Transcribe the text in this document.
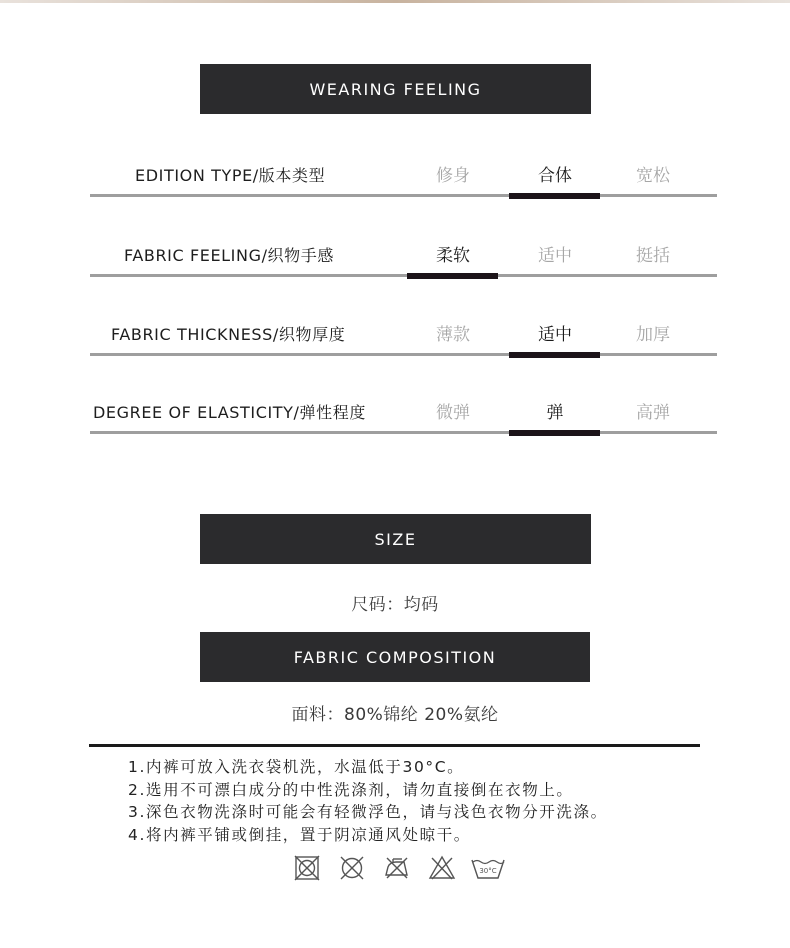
WEARING FEELING
EDITION TYPE/版本类型	修身	合体	宽松
FABRIC FEELING/织物手感	柔软	适中	挺括
FABRIC THICKNESS/织物厚度	薄款	适中	加厚
DEGREE OF ELASTICITY/弹性程度	微弹	弹	高弹
SIZE
尺码：均码
FABRIC COMPOSITION
面料：80%锦纶 20%氨纶
1.内裤可放入洗衣袋机洗，水温低于30°C。
2.选用不可漂白成分的中性洗涤剂，请勿直接倒在衣物上。
3.深色衣物洗涤时可能会有轻微浮色，请与浅色衣物分开洗涤。
4.将内裤平铺或倒挂，置于阴凉通风处晾干。
30°C
